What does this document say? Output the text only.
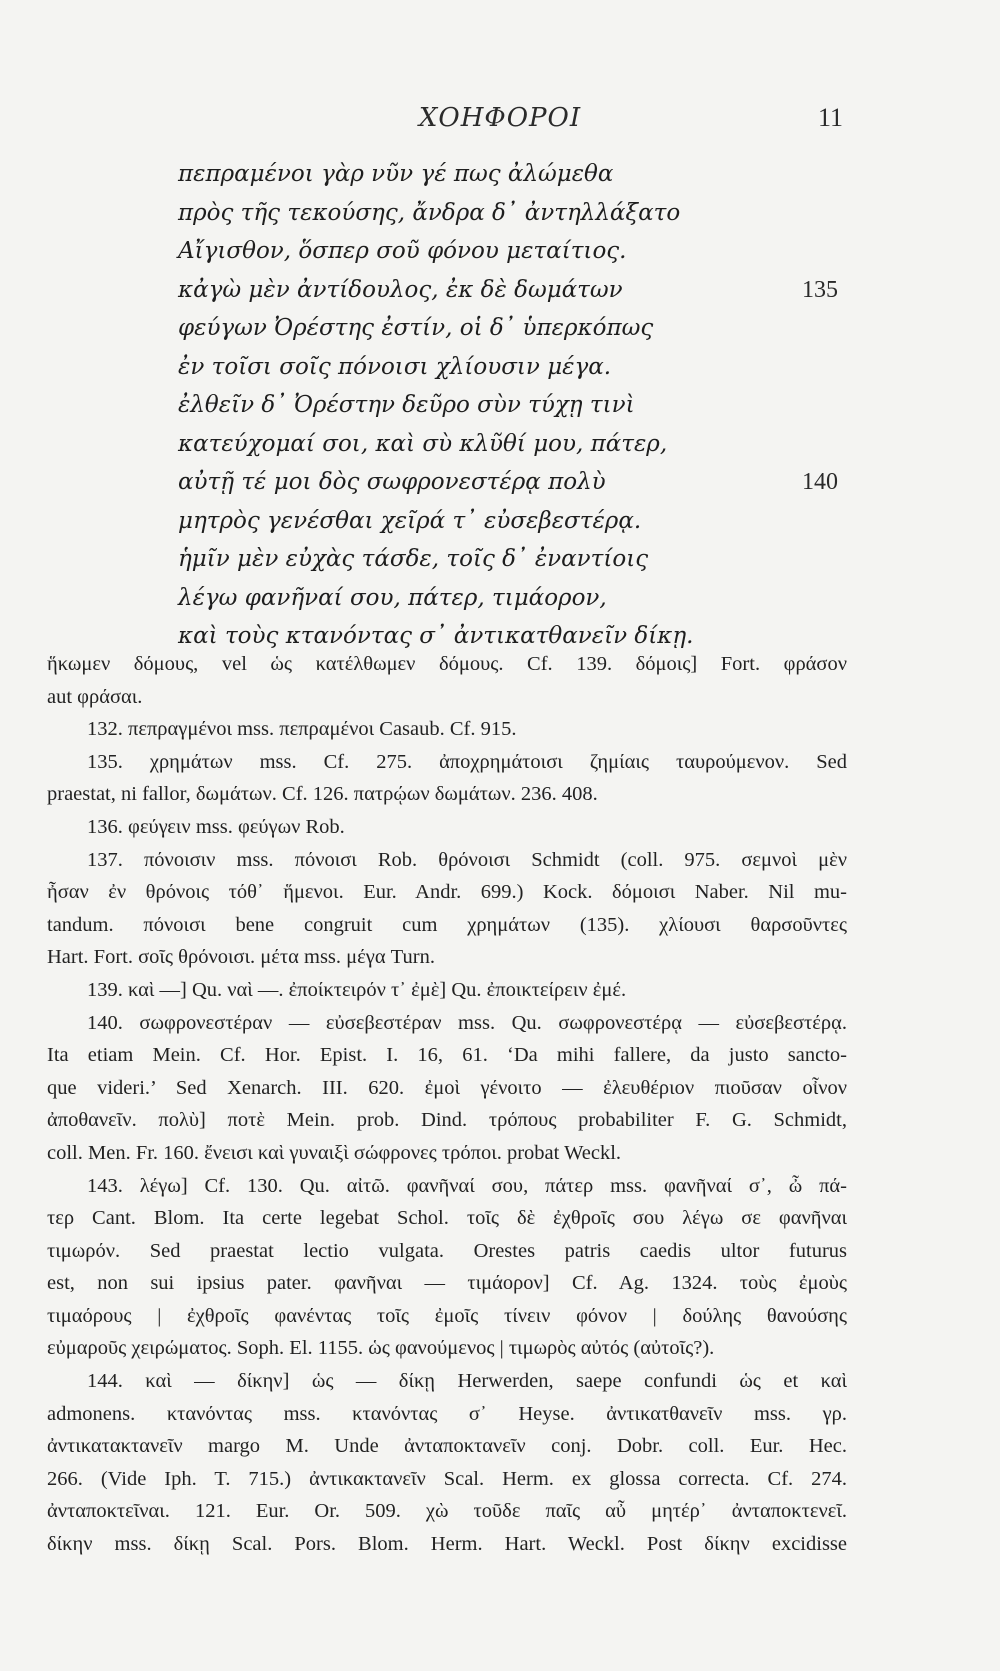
ΧΟΗΦΟΡΟΙ	11
πεπραμένοι γὰρ νῦν γέ πως ἀλώμεθα
πρὸς τῆς τεκούσης, ἄνδρα δ᾽ ἀντηλλάξατο
Αἴγισθον, ὅσπερ σοῦ φόνου μεταίτιος.
κἀγὼ μὲν ἀντίδουλος, ἐκ δὲ δωμάτων	135
φεύγων Ὀρέστης ἐστίν, οἱ δ᾽ ὑπερκόπως
ἐν τοῖσι σοῖς πόνοισι χλίουσιν μέγα.
ἐλθεῖν δ᾽ Ὀρέστην δεῦρο σὺν τύχῃ τινὶ
κατεύχομαί σοι, καὶ σὺ κλῦθί μου, πάτερ,
αὐτῇ τέ μοι δὸς σωφρονεστέρᾳ πολὺ	140
μητρὸς γενέσθαι χεῖρά τ᾽ εὐσεβεστέρᾳ.
ἡμῖν μὲν εὐχὰς τάσδε, τοῖς δ᾽ ἐναντίοις
λέγω φανῆναί σου, πάτερ, τιμάορον,
καὶ τοὺς κτανόντας σ᾽ ἀντικατθανεῖν δίκῃ.
ἥκωμεν δόμους, vel ὡς κατέλθωμεν δόμους. Cf. 139. δόμοις] Fort. φράσον
aut φράσαι.
132. πεπραγμένοι mss. πεπραμένοι Casaub. Cf. 915.
135. χρημάτων mss. Cf. 275. ἀποχρημάτοισι ζημίαις ταυρούμενον. Sed
praestat, ni fallor, δωμάτων. Cf. 126. πατρῴων δωμάτων. 236. 408.
136. φεύγειν mss. φεύγων Rob.
137. πόνοισιν mss. πόνοισι Rob. θρόνοισι Schmidt (coll. 975. σεμνοὶ μὲν
ἦσαν ἐν θρόνοις τόθ᾽ ἥμενοι. Eur. Andr. 699.) Kock. δόμοισι Naber. Nil mu-
tandum. πόνοισι bene congruit cum χρημάτων (135). χλίουσι θαρσοῦντες
Hart. Fort. σοῖς θρόνοισι. μέτα mss. μέγα Turn.
139. καὶ —] Qu. ναὶ —. ἐποίκτειρόν τ᾽ ἐμὲ] Qu. ἐποικτείρειν ἐμέ.
140. σωφρονεστέραν — εὐσεβεστέραν mss. Qu. σωφρονεστέρᾳ — εὐσεβεστέρᾳ.
Ita etiam Mein. Cf. Hor. Epist. I. 16, 61. ‘Da mihi fallere, da justo sancto-
que videri.’ Sed Xenarch. III. 620. ἐμοὶ γένοιτο — ἐλευθέριον πιοῦσαν οἶνον
ἀποθανεῖν. πολὺ] ποτὲ Mein. prob. Dind. τρόπους probabiliter F. G. Schmidt,
coll. Men. Fr. 160. ἔνεισι καὶ γυναιξὶ σώφρονες τρόποι. probat Weckl.
143. λέγω] Cf. 130. Qu. αἰτῶ. φανῆναί σου, πάτερ mss. φανῆναί σ᾽, ὦ πά-
τερ Cant. Blom. Ita certe legebat Schol. τοῖς δὲ ἐχθροῖς σου λέγω σε φανῆναι
τιμωρόν. Sed praestat lectio vulgata. Orestes patris caedis ultor futurus
est, non sui ipsius pater. φανῆναι — τιμάορον] Cf. Ag. 1324. τοὺς ἐμοὺς
τιμαόρους | ἐχθροῖς φανέντας τοῖς ἐμοῖς τίνειν φόνον | δούλης θανούσης
εὐμαροῦς χειρώματος. Soph. El. 1155. ὡς φανούμενος | τιμωρὸς αὐτός (αὐτοῖς?).
144. καὶ — δίκην] ὡς — δίκῃ Herwerden, saepe confundi ὡς et καὶ
admonens. κτανόντας mss. κτανόντας σ᾽ Heyse. ἀντικατθανεῖν mss. γρ.
ἀντικατακτανεῖν margo M. Unde ἀνταποκτανεῖν conj. Dobr. coll. Eur. Hec.
266. (Vide Iph. T. 715.) ἀντικακτανεῖν Scal. Herm. ex glossa correcta. Cf. 274.
ἀνταποκτεῖναι. 121. Eur. Or. 509. χὼ τοῦδε παῖς αὖ μητέρ᾽ ἀνταποκτενεῖ.
δίκην mss. δίκῃ Scal. Pors. Blom. Herm. Hart. Weckl. Post δίκην excidisse
